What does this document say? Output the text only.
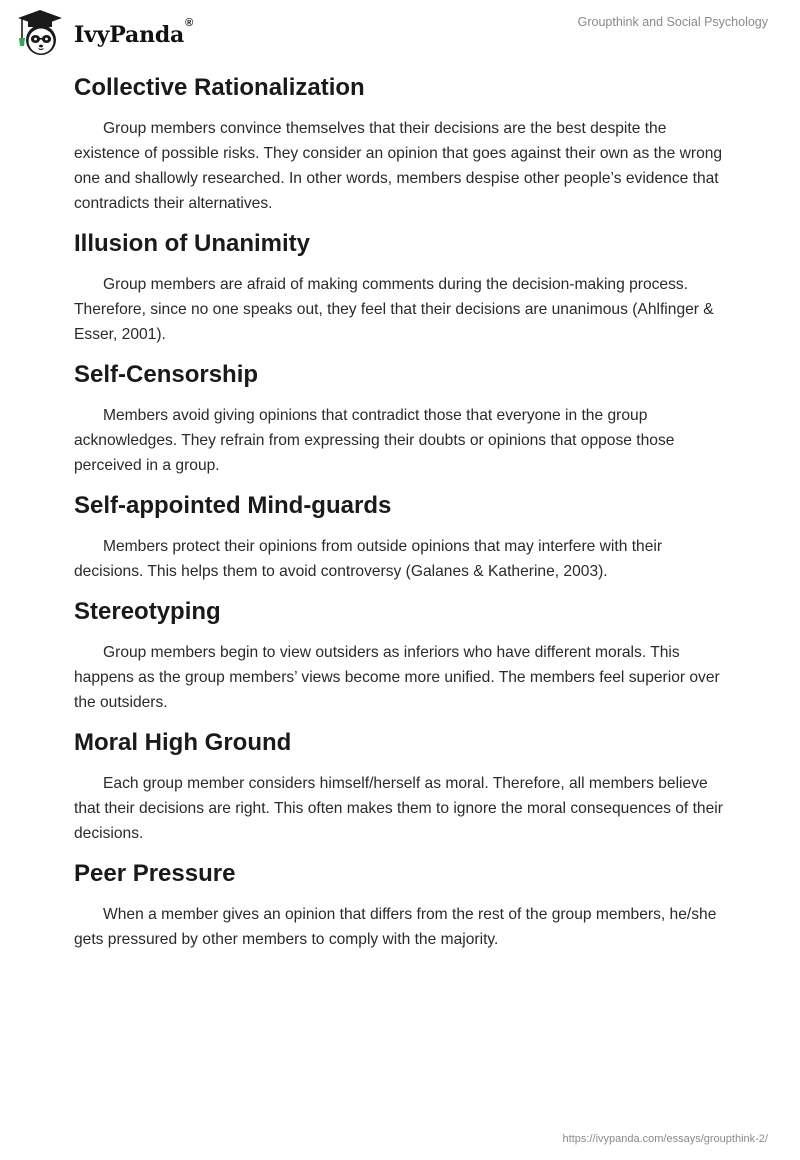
IvyPanda®	Groupthink and Social Psychology
Collective Rationalization

Group members convince themselves that their decisions are the best despite the existence of possible risks. They consider an opinion that goes against their own as the wrong one and shallowly researched. In other words, members despise other people’s evidence that contradicts their alternatives.

Illusion of Unanimity

Group members are afraid of making comments during the decision-making process. Therefore, since no one speaks out, they feel that their decisions are unanimous (Ahlfinger & Esser, 2001).

Self-Censorship

Members avoid giving opinions that contradict those that everyone in the group acknowledges. They refrain from expressing their doubts or opinions that oppose those perceived in a group.

Self-appointed Mind-guards

Members protect their opinions from outside opinions that may interfere with their decisions. This helps them to avoid controversy (Galanes & Katherine, 2003).

Stereotyping

Group members begin to view outsiders as inferiors who have different morals. This happens as the group members’ views become more unified. The members feel superior over the outsiders.

Moral High Ground

Each group member considers himself/herself as moral. Therefore, all members believe that their decisions are right. This often makes them to ignore the moral consequences of their decisions.

Peer Pressure

When a member gives an opinion that differs from the rest of the group members, he/she gets pressured by other members to comply with the majority.

https://ivypanda.com/essays/groupthink-2/
